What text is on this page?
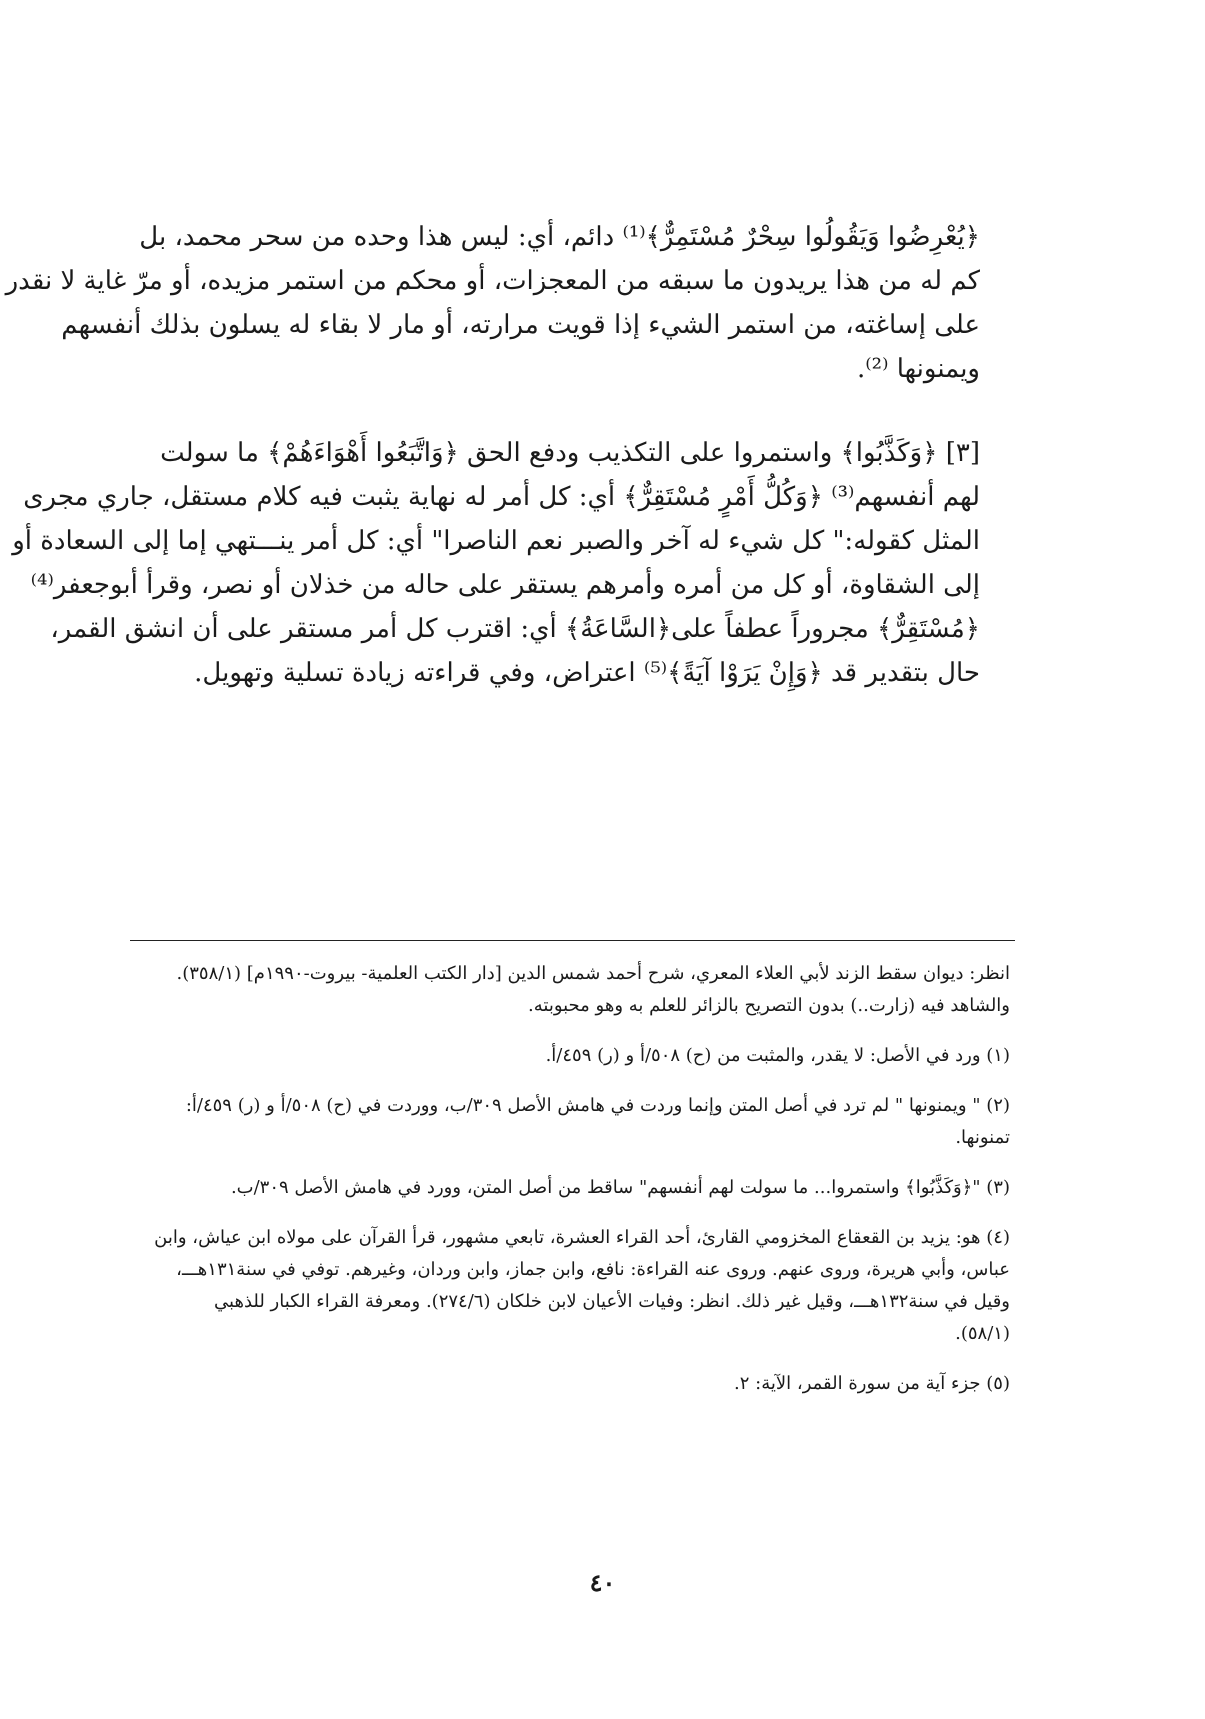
﴿يُعْرِضُوا وَيَقُولُوا سِحْرٌ مُسْتَمِرٌّ﴾⁽¹⁾ دائم، أي: ليس هذا وحده من سحر محمد، بل
كم له من هذا يريدون ما سبقه من المعجزات، أو محكم من استمر مزيده، أو مرّ غاية لا نقدر
على إساغته، من استمر الشيء إذا قويت مرارته، أو مار لا بقاء له يسلون بذلك أنفسهم
ويمنونها ⁽²⁾.
[٣] ﴿وَكَذَّبُوا﴾ واستمروا على التكذيب ودفع الحق ﴿وَاتَّبَعُوا أَهْوَاءَهُمْ﴾ ما سولت
لهم أنفسهم⁽³⁾ ﴿وَكُلُّ أَمْرٍ مُسْتَقِرٌّ﴾ أي: كل أمر له نهاية يثبت فيه كلام مستقل، جاري مجرى
المثل كقوله:" كل شيء له آخر والصبر نعم الناصرا" أي: كل أمر ينـــتهي إما إلى السعادة أو
إلى الشقاوة، أو كل من أمره وأمرهم يستقر على حاله من خذلان أو نصر، وقرأ أبوجعفر⁽⁴⁾
﴿مُسْتَقِرٌّ﴾ مجروراً عطفاً على﴿السَّاعَةُ﴾ أي: اقترب كل أمر مستقر على أن انشق القمر،
حال بتقدير قد ﴿وَإِنْ يَرَوْا آيَةً﴾⁽⁵⁾ اعتراض، وفي قراءته زيادة تسلية وتهويل.
انظر: ديوان سقط الزند لأبي العلاء المعري، شرح أحمد شمس الدين [دار الكتب العلمية- بيروت-١٩٩٠م] (٣٥٨/١).
والشاهد فيه (زارت..) بدون التصريح بالزائر للعلم به وهو محبوبته.
(١) ورد في الأصل: لا يقدر، والمثبت من (ح) ٥٠٨/أ و (ر) ٤٥٩/أ.
(٢) " ويمنونها " لم ترد في أصل المتن وإنما وردت في هامش الأصل ٣٠٩/ب، ووردت في (ح) ٥٠٨/أ و (ر) ٤٥٩/أ:
تمنونها.
(٣) "﴿وَكَذَّبُوا﴾ واستمروا... ما سولت لهم أنفسهم" ساقط من أصل المتن، وورد في هامش الأصل ٣٠٩/ب.
(٤) هو: يزيد بن القعقاع المخزومي القارئ، أحد القراء العشرة، تابعي مشهور، قرأ القرآن على مولاه ابن عياش، وابن
عباس، وأبي هريرة، وروى عنهم. وروى عنه القراءة: نافع، وابن جماز، وابن وردان، وغيرهم. توفي في سنة١٣١هـــ،
وقيل في سنة١٣٢هـــ، وقيل غير ذلك. انظر: وفيات الأعيان لابن خلكان (٢٧٤/٦). ومعرفة القراء الكبار للذهبي
(٥٨/١).
(٥) جزء آية من سورة القمر، الآية: ٢.
٤٠
